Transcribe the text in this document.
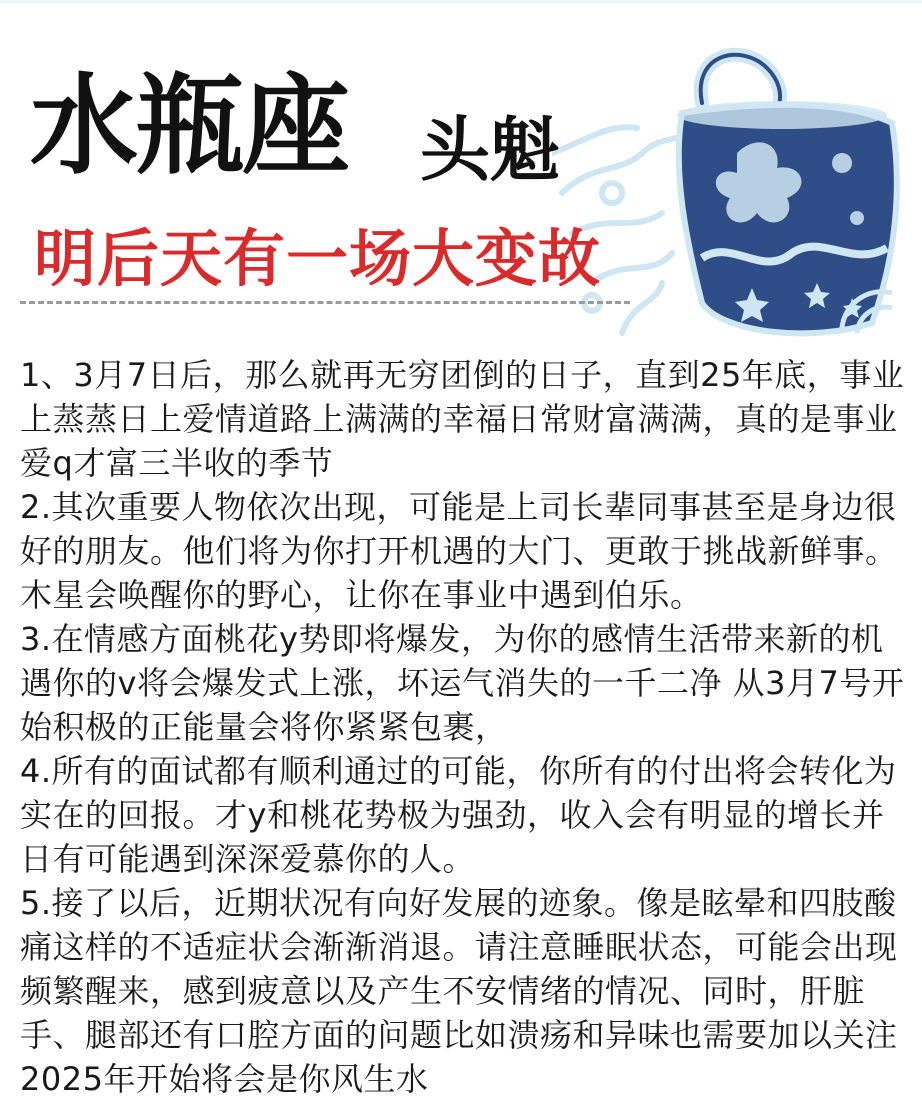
水瓶座 头魁
明后天有一场大变故

1、3月7日后，那么就再无穷团倒的日子，直到25年底，事业上蒸蒸日上爱情道路上满满的幸福日常财富满满，真的是事业爱q才富三半收的季节

2.其次重要人物依次出现，可能是上司长辈同事甚至是身边很好的朋友。他们将为你打开机遇的大门、更敢于挑战新鲜事。木星会唤醒你的野心，让你在事业中遇到伯乐。

3.在情感方面桃花y势即将爆发，为你的感情生活带来新的机遇你的v将会爆发式上涨，坏运气消失的一千二净 从3月7号开始积极的正能量会将你紧紧包裹，

4.所有的面试都有顺利通过的可能，你所有的付出将会转化为实在的回报。才y和桃花势极为强劲，收入会有明显的增长并日有可能遇到深深爱慕你的人。

5.接了以后，近期状况有向好发展的迹象。像是眩晕和四肢酸痛这样的不适症状会渐渐消退。请注意睡眠状态，可能会出现频繁醒来，感到疲意以及产生不安情绪的情况、同时，肝脏手、腿部还有口腔方面的问题比如溃疡和异味也需要加以关注2025年开始将会是你风生水
